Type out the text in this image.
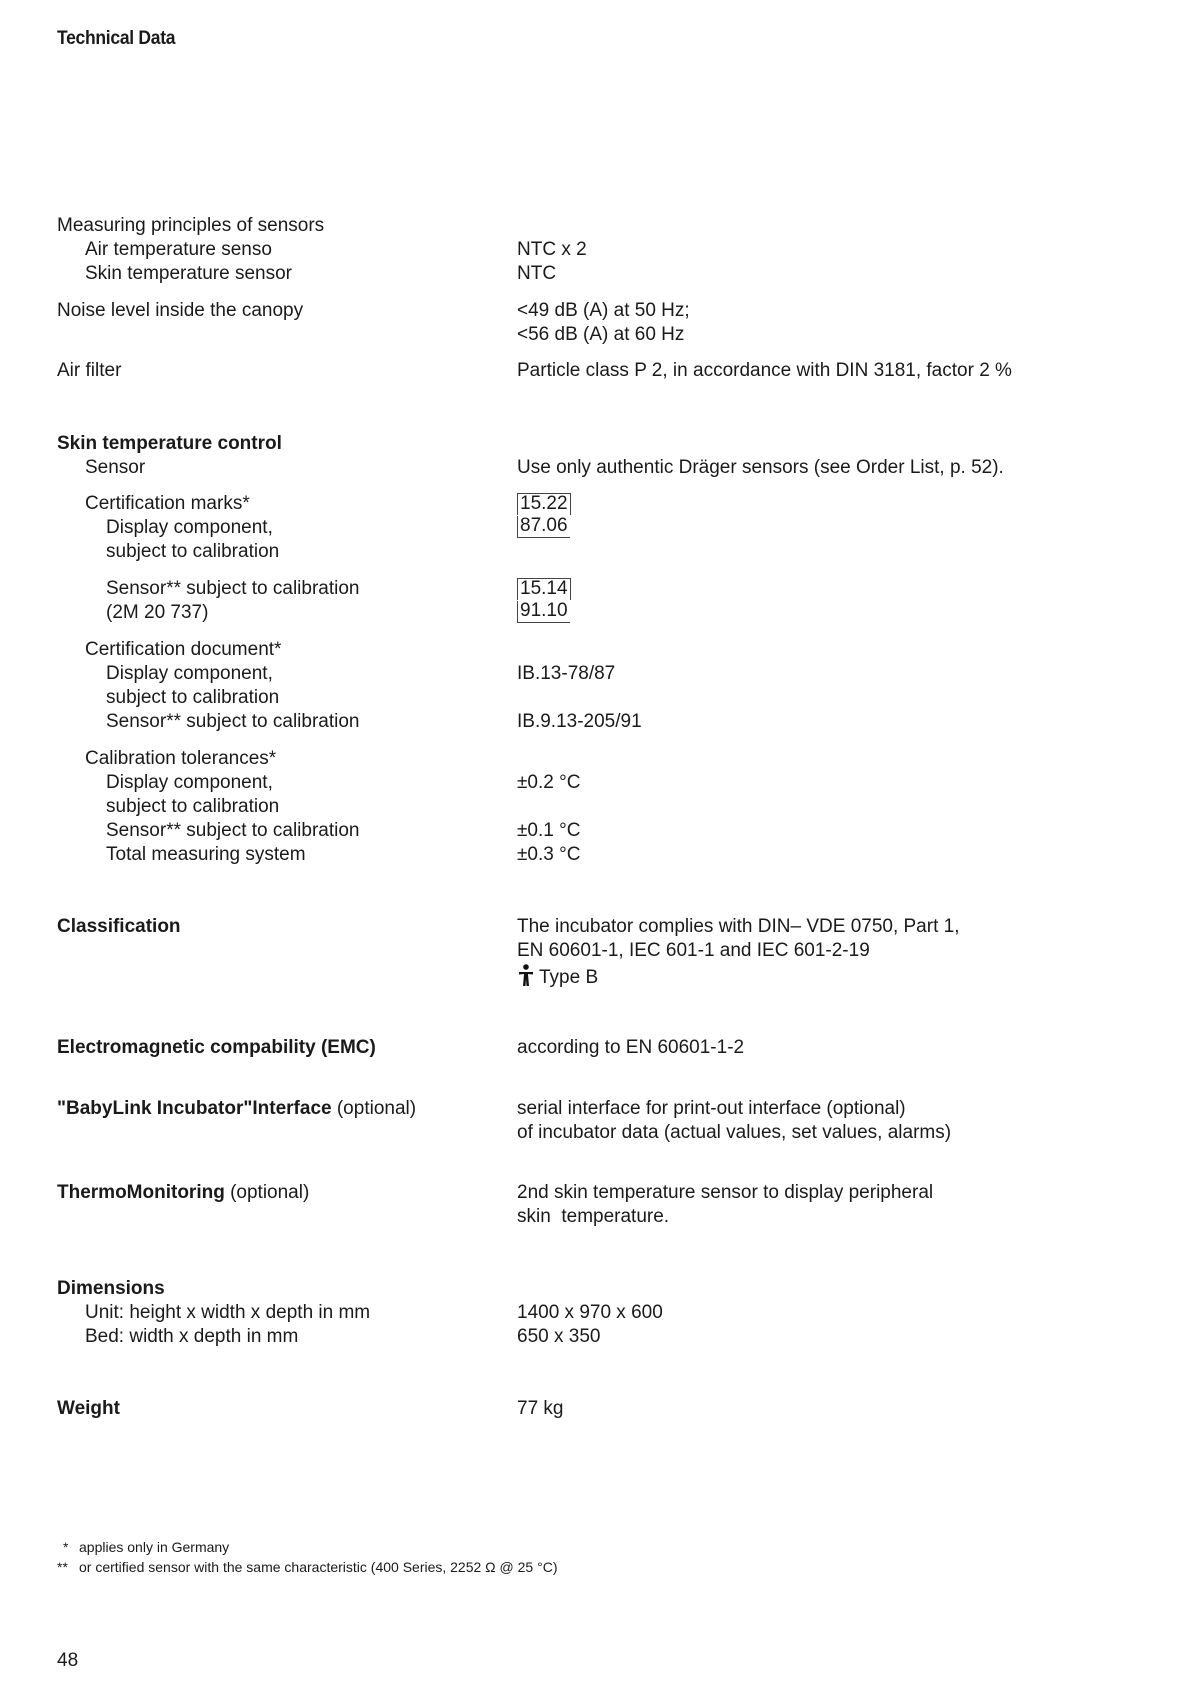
Technical Data
Measuring principles of sensors
Air temperature senso	NTC x 2
Skin temperature sensor	NTC
Noise level inside the canopy	<49 dB (A) at 50 Hz;
<56 dB (A) at 60 Hz
Air filter	Particle class P 2, in accordance with DIN 3181, factor 2 %
Skin temperature control
Sensor	Use only authentic Dräger sensors (see Order List, p. 52).
Certification marks*	15.22
Display component,	87.06
subject to calibration
Sensor** subject to calibration	15.14
(2M 20 737)	91.10
Certification document*
Display component,	IB.13-78/87
subject to calibration
Sensor** subject to calibration	IB.9.13-205/91
Calibration tolerances*
Display component,	±0.2 °C
subject to calibration
Sensor** subject to calibration	±0.1 °C
Total measuring system	±0.3 °C
Classification	The incubator complies with DIN– VDE 0750, Part 1,
EN 60601-1, IEC 601-1 and IEC 601-2-19
Type B
Electromagnetic compability (EMC)	according to EN 60601-1-2
"BabyLink Incubator"Interface (optional)	serial interface for print-out interface (optional)
of incubator data (actual values, set values, alarms)
ThermoMonitoring (optional)	2nd skin temperature sensor to display peripheral
skin  temperature.
Dimensions
Unit: height x width x depth in mm	1400 x 970 x 600
Bed: width x depth in mm	650 x 350
Weight	77 kg
* applies only in Germany
** or certified sensor with the same characteristic (400 Series, 2252 Ω @ 25 °C)
48
